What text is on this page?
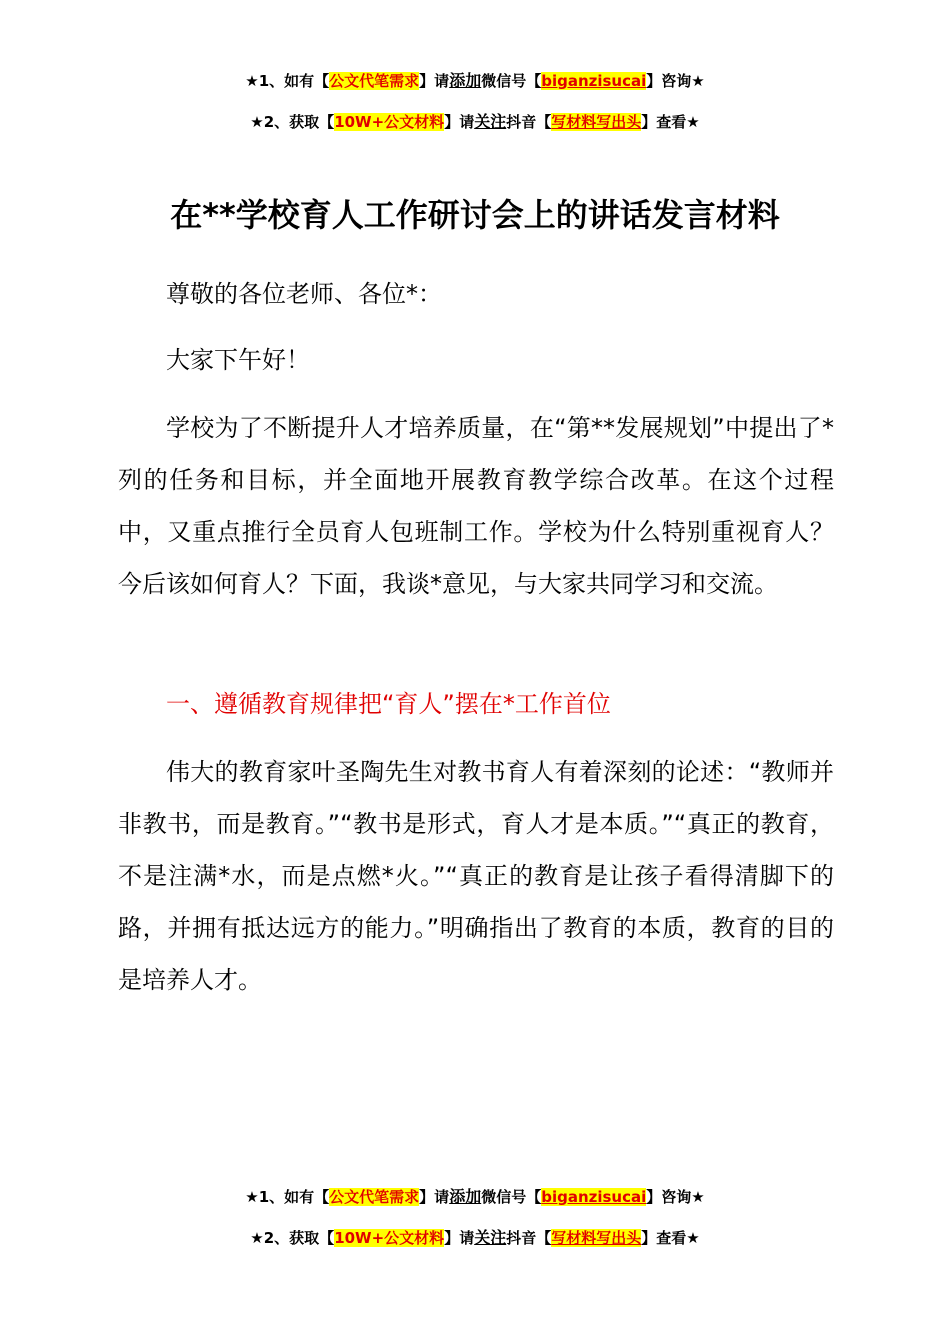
★1、如有【公文代笔需求】请添加微信号【biganzisucai】咨询★
★2、获取【10W+公文材料】请关注抖音【写材料写出头】查看★
在**学校育人工作研讨会上的讲话发言材料

尊敬的各位老师、各位*：

大家下午好！

学校为了不断提升人才培养质量，在“第**发展规划”中提出了*列的任务和目标，并全面地开展教育教学综合改革。在这个过程中，又重点推行全员育人包班制工作。学校为什么特别重视育人？今后该如何育人？下面，我谈*意见，与大家共同学习和交流。

一、遵循教育规律把“育人”摆在*工作首位

伟大的教育家叶圣陶先生对教书育人有着深刻的论述：“教师并非教书，而是教育。”“教书是形式，育人才是本质。”“真正的教育，不是注满*水，而是点燃*火。”“真正的教育是让孩子看得清脚下的路，并拥有抵达远方的能力。”明确指出了教育的本质，教育的目的是培养人才。

★1、如有【公文代笔需求】请添加微信号【biganzisucai】咨询★
★2、获取【10W+公文材料】请关注抖音【写材料写出头】查看★
